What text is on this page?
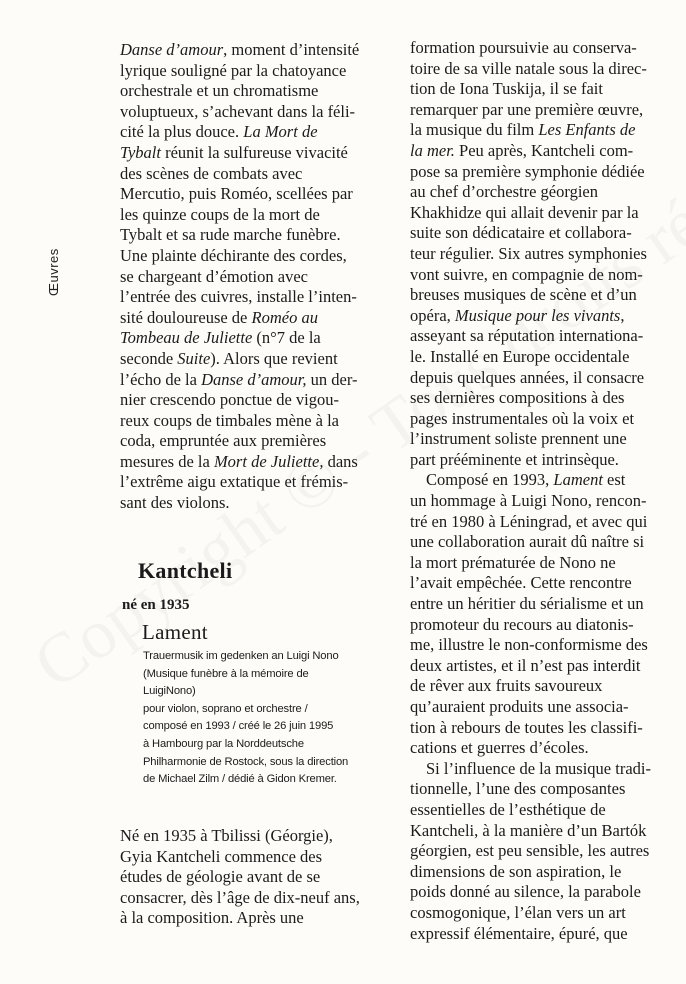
Œuvres

Danse d’amour, moment d’intensité
lyrique souligné par la chatoyance
orchestrale et un chromatisme
voluptueux, s’achevant dans la féli-
cité la plus douce. La Mort de
Tybalt réunit la sulfureuse vivacité
des scènes de combats avec
Mercutio, puis Roméo, scellées par
les quinze coups de la mort de
Tybalt et sa rude marche funèbre.
Une plainte déchirante des cordes,
se chargeant d’émotion avec
l’entrée des cuivres, installe l’inten-
sité douloureuse de Roméo au
Tombeau de Juliette (n°7 de la
seconde Suite). Alors que revient
l’écho de la Danse d’amour, un der-
nier crescendo ponctue de vigou-
reux coups de timbales mène à la
coda, empruntée aux premières
mesures de la Mort de Juliette, dans
l’extrême aigu extatique et frémis-
sant des violons.

Kantcheli
né en 1935
Lament
Trauermusik im gedenken an Luigi Nono
(Musique funèbre à la mémoire de
LuigiNono)
pour violon, soprano et orchestre /
composé en 1993 / créé le 26 juin 1995
à Hambourg par la Norddeutsche
Philharmonie de Rostock, sous la direction
de Michael Zilm / dédié à Gidon Kremer.

Né en 1935 à Tbilissi (Géorgie),
Gyia Kantcheli commence des
études de géologie avant de se
consacrer, dès l’âge de dix-neuf ans,
à la composition. Après une

formation poursuivie au conserva-
toire de sa ville natale sous la direc-
tion de Iona Tuskija, il se fait
remarquer par une première œuvre,
la musique du film Les Enfants de
la mer. Peu après, Kantcheli com-
pose sa première symphonie dédiée
au chef d’orchestre géorgien
Khakhidze qui allait devenir par la
suite son dédicataire et collabora-
teur régulier. Six autres symphonies
vont suivre, en compagnie de nom-
breuses musiques de scène et d’un
opéra, Musique pour les vivants,
asseyant sa réputation internationa-
le. Installé en Europe occidentale
depuis quelques années, il consacre
ses dernières compositions à des
pages instrumentales où la voix et
l’instrument soliste prennent une
part prééminente et intrinsèque.
Composé en 1993, Lament est
un hommage à Luigi Nono, rencon-
tré en 1980 à Léningrad, et avec qui
une collaboration aurait dû naître si
la mort prématurée de Nono ne
l’avait empêchée. Cette rencontre
entre un héritier du sérialisme et un
promoteur du recours au diatonis-
me, illustre le non-conformisme des
deux artistes, et il n’est pas interdit
de rêver aux fruits savoureux
qu’auraient produits une associa-
tion à rebours de toutes les classifi-
cations et guerres d’écoles.
Si l’influence de la musique tradi-
tionnelle, l’une des composantes
essentielles de l’esthétique de
Kantcheli, à la manière d’un Bartók
géorgien, est peu sensible, les autres
dimensions de son aspiration, le
poids donné au silence, la parabole
cosmogonique, l’élan vers un art
expressif élémentaire, épuré, que
